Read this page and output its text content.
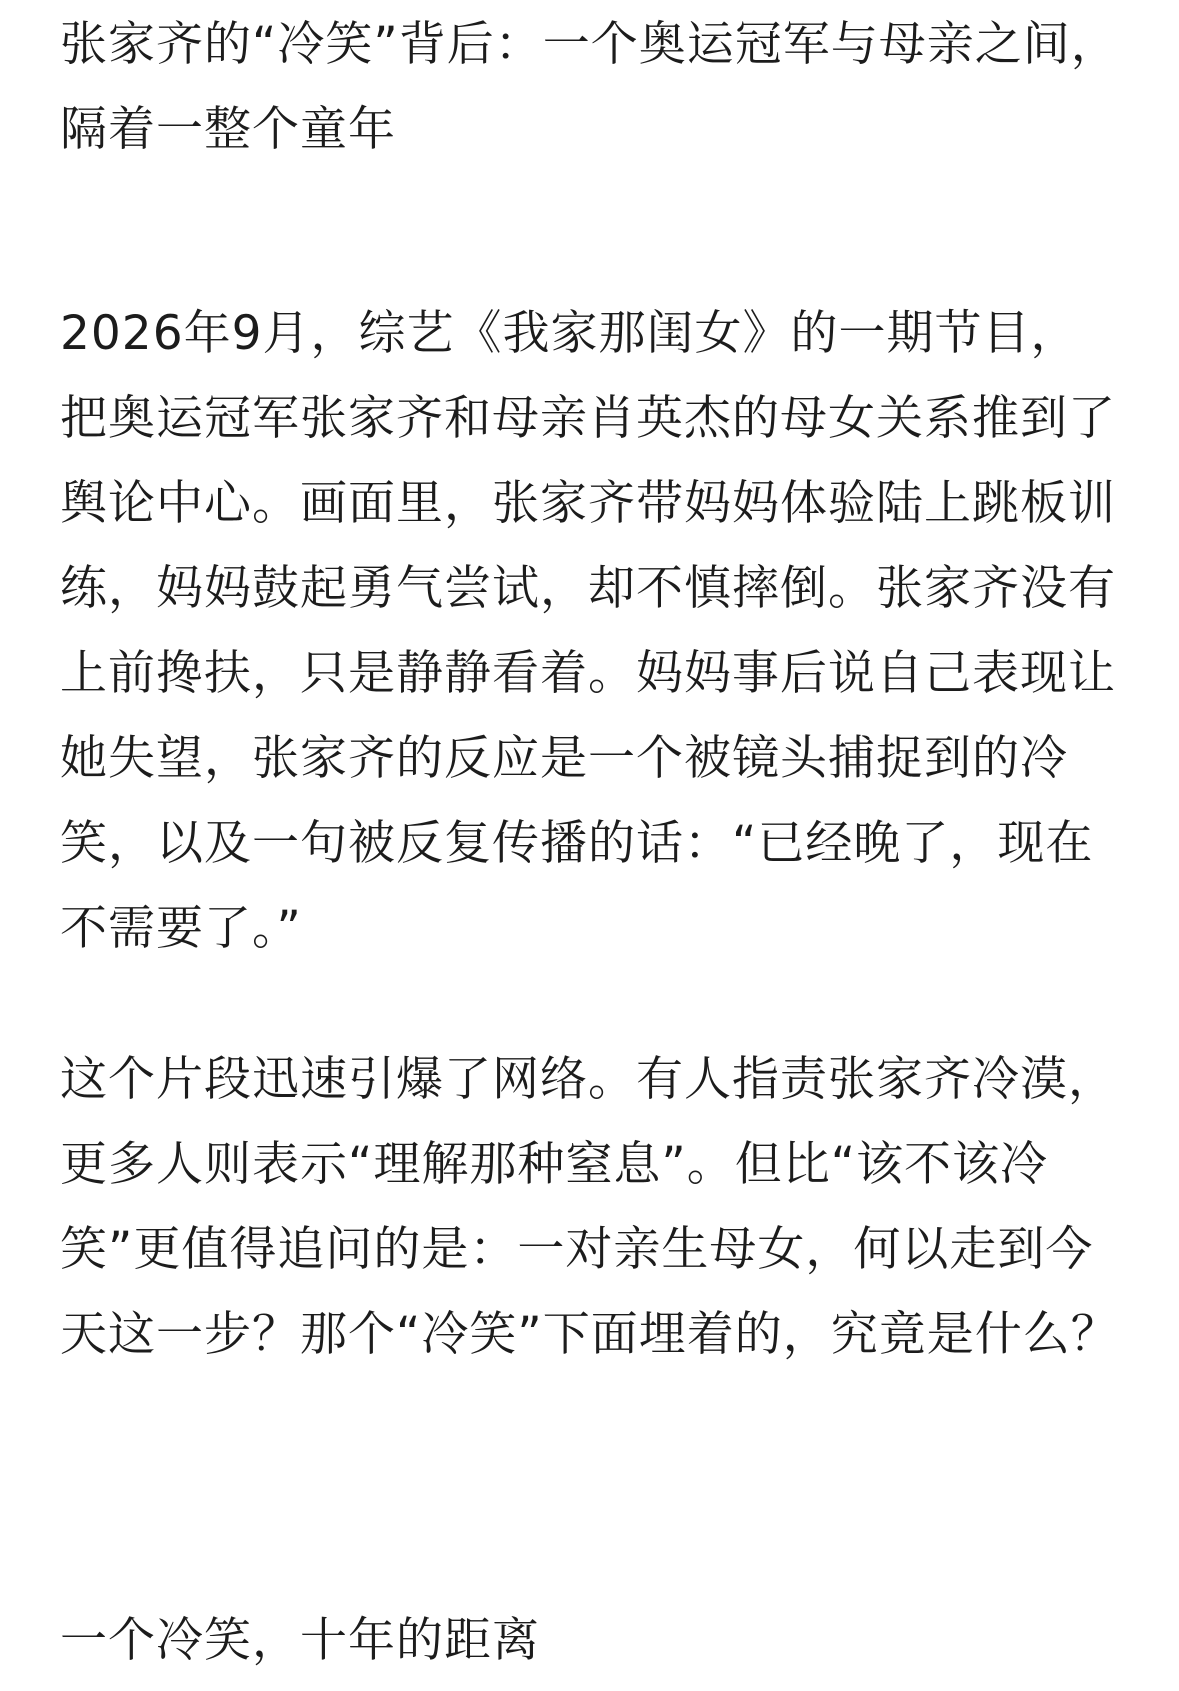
张家齐的“冷笑”背后：一个奥运冠军与母亲之间，隔着一整个童年

2026年9月，综艺《我家那闺女》的一期节目，把奥运冠军张家齐和母亲肖英杰的母女关系推到了舆论中心。画面里，张家齐带妈妈体验陆上跳板训练，妈妈鼓起勇气尝试，却不慎摔倒。张家齐没有上前搀扶，只是静静看着。妈妈事后说自己表现让她失望，张家齐的反应是一个被镜头捕捉到的冷笑，以及一句被反复传播的话：“已经晚了，现在不需要了。”

这个片段迅速引爆了网络。有人指责张家齐冷漠，更多人则表示“理解那种窒息”。但比“该不该冷笑”更值得追问的是：一对亲生母女，何以走到今天这一步？那个“冷笑”下面埋着的，究竟是什么？

一个冷笑，十年的距离
